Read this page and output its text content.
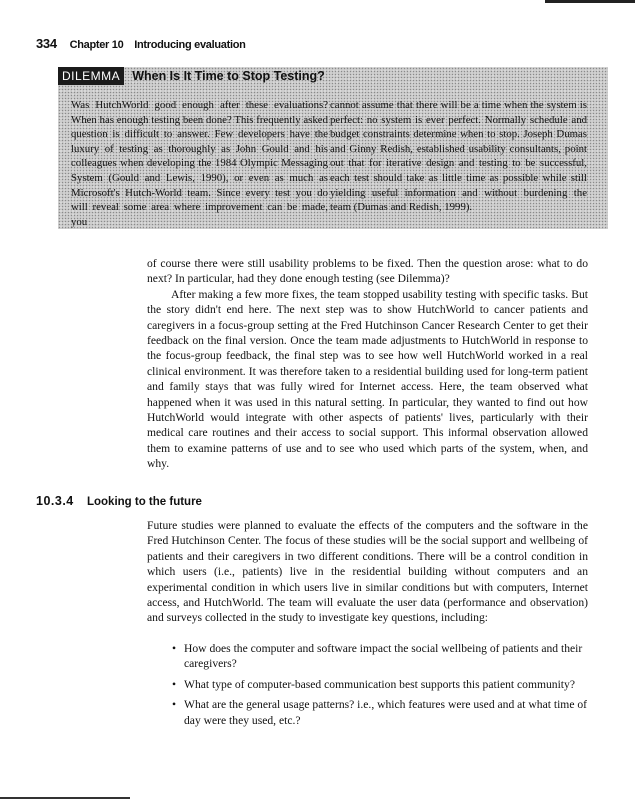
334 Chapter 10 Introducing evaluation
DILEMMA When Is It Time to Stop Testing?
Was HutchWorld good enough after these evaluations? When has enough testing been done? This frequently asked question is difficult to answer. Few developers have the luxury of testing as thoroughly as John Gould and his colleagues when developing the 1984 Olympic Messaging System (Gould and Lewis, 1990), or even as much as Microsoft's Hutch-World team. Since every test you do will reveal some area where improvement can be made, you
cannot assume that there will be a time when the system is perfect: no system is ever perfect. Normally schedule and budget constraints determine when to stop. Joseph Dumas and Ginny Redish, established usability consultants, point out that for iterative design and testing to be successful, each test should take as little time as possible while still yielding useful information and without burdening the team (Dumas and Redish, 1999).

of course there were still usability problems to be fixed. Then the question arose: what to do next? In particular, had they done enough testing (see Dilemma)?

After making a few more fixes, the team stopped usability testing with specific tasks. But the story didn't end here. The next step was to show HutchWorld to cancer patients and caregivers in a focus-group setting at the Fred Hutchinson Cancer Research Center to get their feedback on the final version. Once the team made adjustments to HutchWorld in response to the focus-group feedback, the final step was to see how well HutchWorld worked in a real clinical environment. It was therefore taken to a residential building used for long-term patient and family stays that was fully wired for Internet access. Here, the team observed what happened when it was used in this natural setting. In particular, they wanted to find out how HutchWorld would integrate with other aspects of patients' lives, particularly with their medical care routines and their access to social support. This informal observation allowed them to examine patterns of use and to see who used which parts of the system, when, and why.

10.3.4 Looking to the future

Future studies were planned to evaluate the effects of the computers and the software in the Fred Hutchinson Center. The focus of these studies will be the social support and wellbeing of patients and their caregivers in two different conditions. There will be a control condition in which users (i.e., patients) live in the residential building without computers and an experimental condition in which users live in similar conditions but with computers, Internet access, and HutchWorld. The team will evaluate the user data (performance and observation) and surveys collected in the study to investigate key questions, including:

• How does the computer and software impact the social wellbeing of patients and their caregivers?
• What type of computer-based communication best supports this patient community?
• What are the general usage patterns? i.e., which features were used and at what time of day were they used, etc.?
